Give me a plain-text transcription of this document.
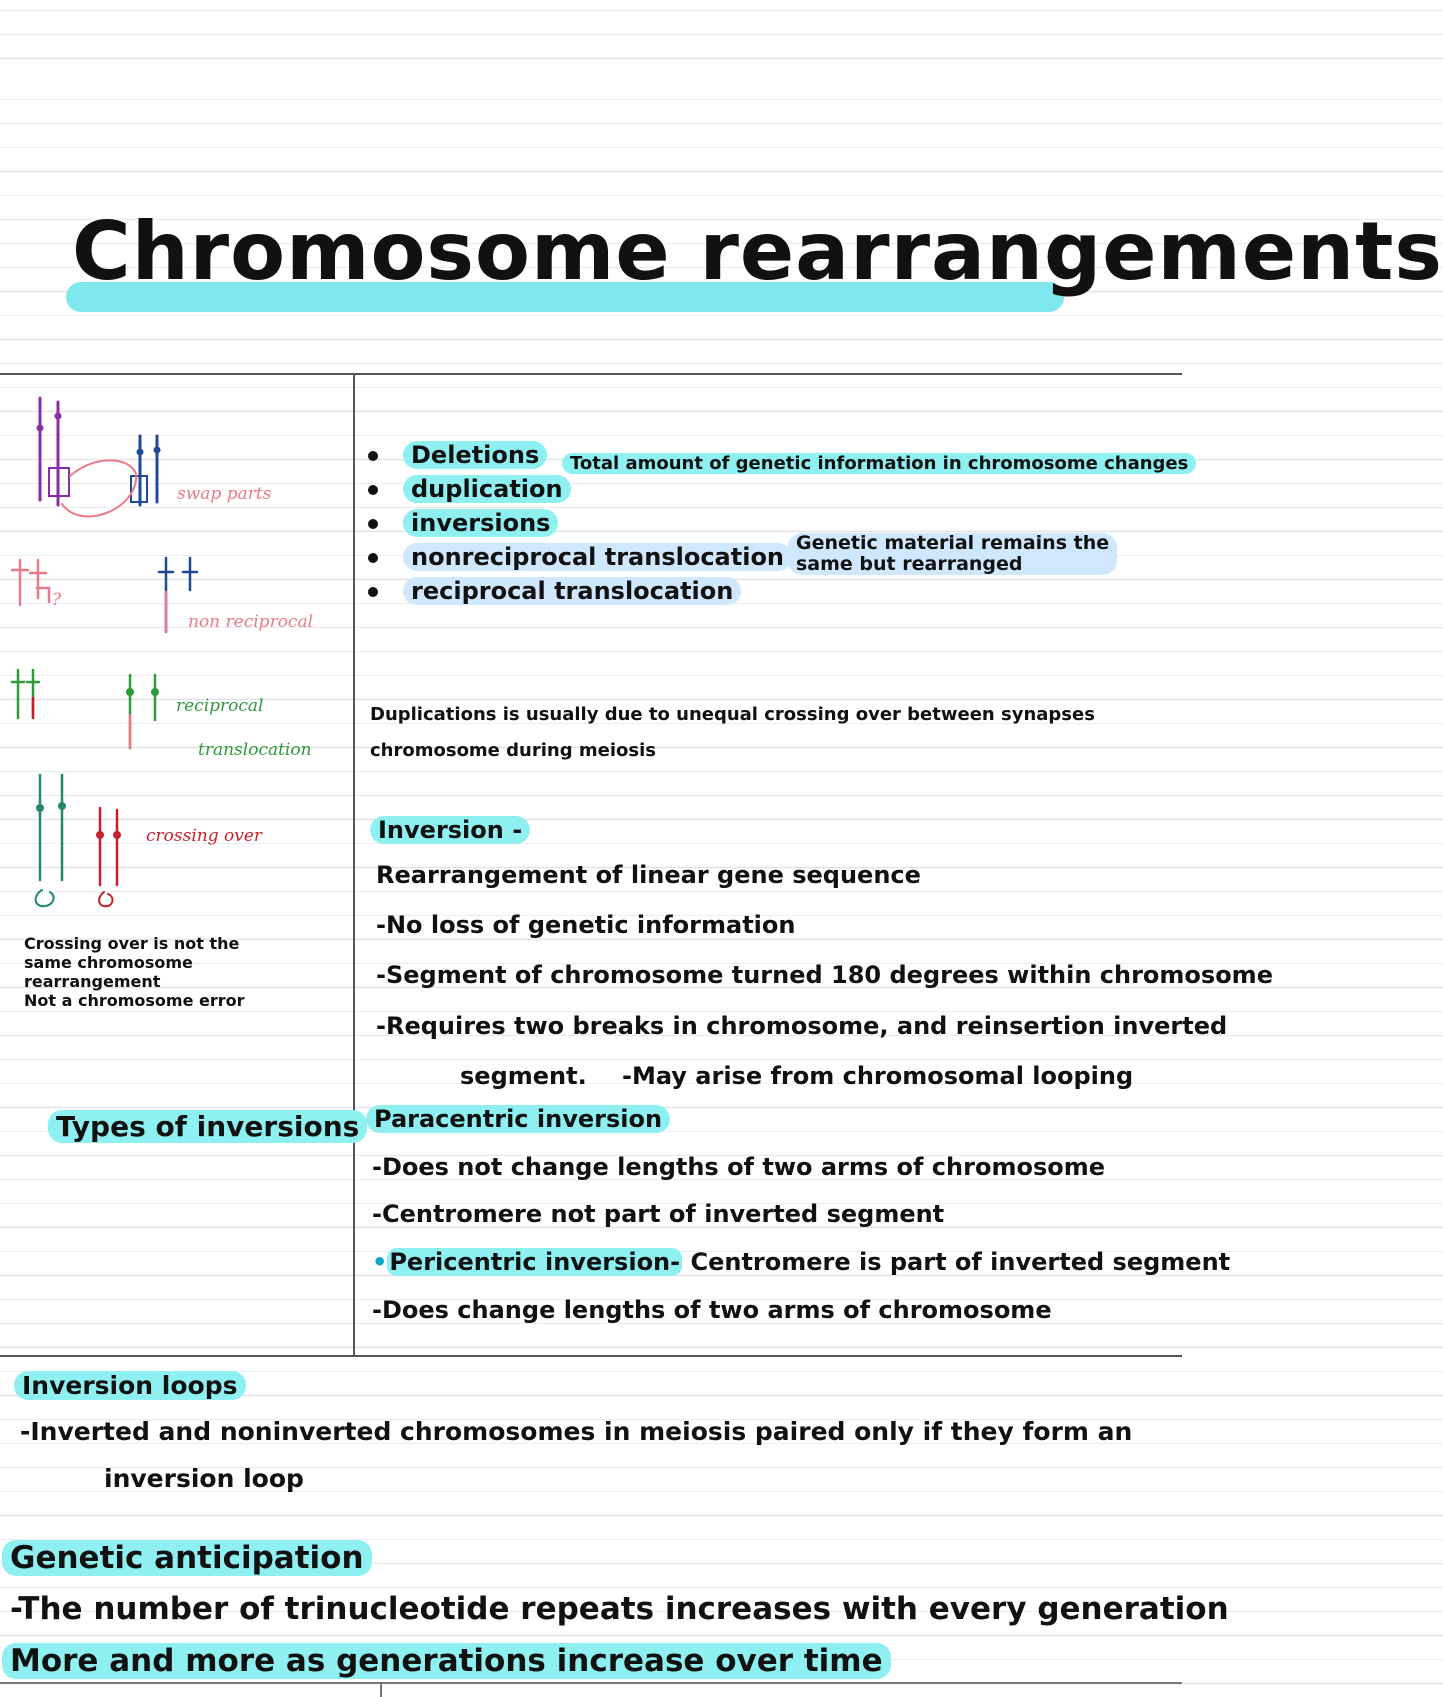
Chromosome rearrangements
swap parts
?
non reciprocal
reciprocal
translocation
crossing over
Crossing over is not the
same chromosome
rearrangement
Not a chromosome error
Types of inversions
Deletions
duplication
inversions
nonreciprocal translocation
reciprocal translocation
Total amount of genetic information in chromosome changes
Genetic material remains the
same but rearranged
Duplications is usually due to unequal crossing over between synapses
chromosome during meiosis
Inversion -
Rearrangement of linear gene sequence
-No loss of genetic information
-Segment of chromosome turned 180 degrees within chromosome
-Requires two breaks in chromosome, and reinsertion inverted
segment. -May arise from chromosomal looping
Paracentric inversion
-Does not change lengths of two arms of chromosome
-Centromere not part of inverted segment
•Pericentric inversion- Centromere is part of inverted segment
-Does change lengths of two arms of chromosome
Inversion loops
-Inverted and noninverted chromosomes in meiosis paired only if they form an
inversion loop
Genetic anticipation
-The number of trinucleotide repeats increases with every generation
More and more as generations increase over time
